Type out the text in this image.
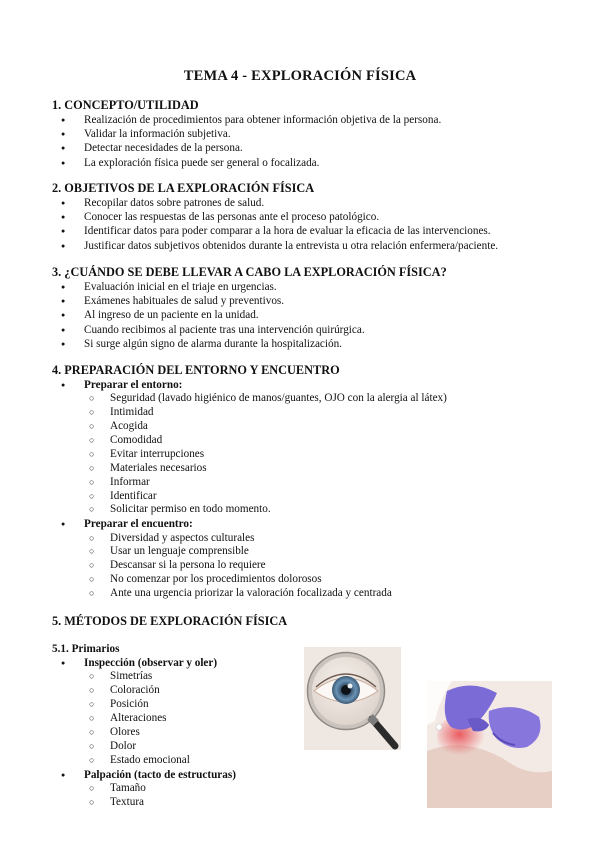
TEMA 4 - EXPLORACIÓN FÍSICA
1. CONCEPTO/UTILIDAD
● Realización de procedimientos para obtener información objetiva de la persona.
● Validar la información subjetiva.
● Detectar necesidades de la persona.
● La exploración física puede ser general o focalizada.
2. OBJETIVOS DE LA EXPLORACIÓN FÍSICA
● Recopilar datos sobre patrones de salud.
● Conocer las respuestas de las personas ante el proceso patológico.
● Identificar datos para poder comparar a la hora de evaluar la eficacia de las intervenciones.
● Justificar datos subjetivos obtenidos durante la entrevista u otra relación enfermera/paciente.
3. ¿CUÁNDO SE DEBE LLEVAR A CABO LA EXPLORACIÓN FÍSICA?
● Evaluación inicial en el triaje en urgencias.
● Exámenes habituales de salud y preventivos.
● Al ingreso de un paciente en la unidad.
● Cuando recibimos al paciente tras una intervención quirúrgica.
● Si surge algún signo de alarma durante la hospitalización.
4. PREPARACIÓN DEL ENTORNO Y ENCUENTRO
● Preparar el entorno:
○ Seguridad (lavado higiénico de manos/guantes, OJO con la alergia al látex)
○ Intimidad
○ Acogida
○ Comodidad
○ Evitar interrupciones
○ Materiales necesarios
○ Informar
○ Identificar
○ Solicitar permiso en todo momento.
● Preparar el encuentro:
○ Diversidad y aspectos culturales
○ Usar un lenguaje comprensible
○ Descansar si la persona lo requiere
○ No comenzar por los procedimientos dolorosos
○ Ante una urgencia priorizar la valoración focalizada y centrada
5. MÉTODOS DE EXPLORACIÓN FÍSICA

5.1. Primarios

● Inspección (observar y oler)
○ Simetrías
○ Coloración
○ Posición
○ Alteraciones
○ Olores
○ Dolor
○ Estado emocional
● Palpación (tacto de estructuras)
○ Tamaño
○ Textura
